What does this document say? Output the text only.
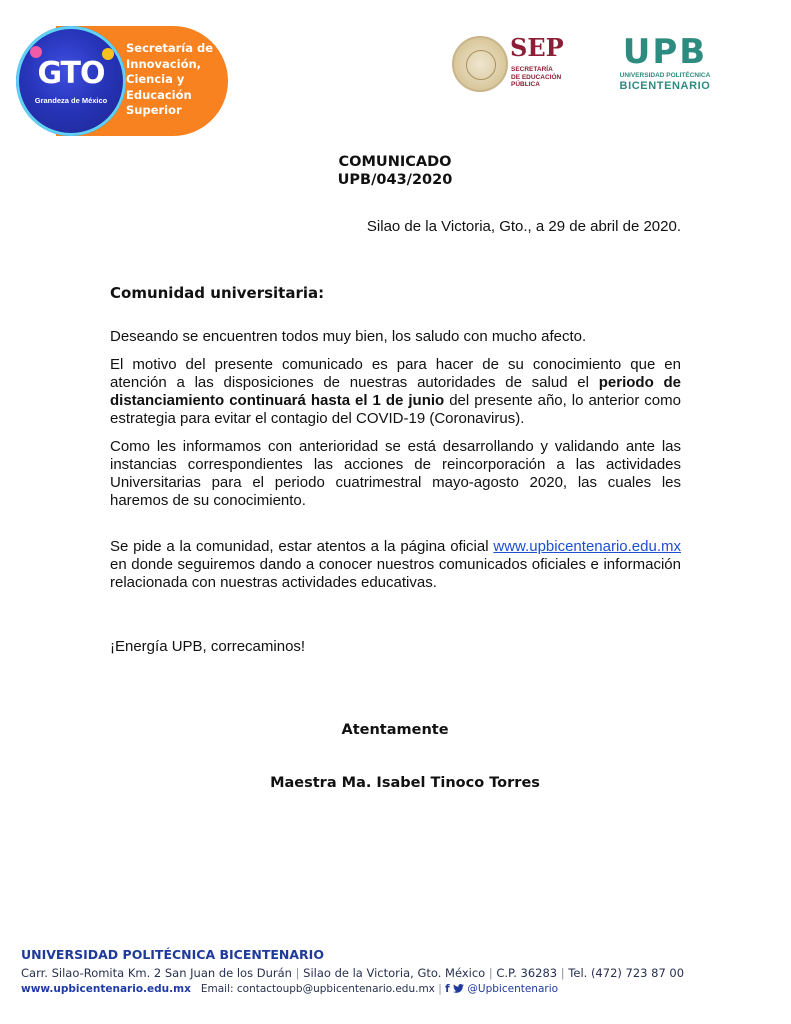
GTO
Grandeza de México
Secretaría de
Innovación,
Ciencia y
Educación
Superior
SEP
SECRETARÍA
DE EDUCACIÓN
PÚBLICA
UPB
UNIVERSIDAD POLITÉCNICA
BICENTENARIO
COMUNICADO
UPB/043/2020
Silao de la Victoria, Gto., a 29 de abril de 2020.
Comunidad universitaria:
Deseando se encuentren todos muy bien, los saludo con mucho afecto.
El motivo del presente comunicado es para hacer de su conocimiento que en atención a las disposiciones de nuestras autoridades de salud el periodo de distanciamiento continuará hasta el 1 de junio del presente año, lo anterior como estrategia para evitar el contagio del COVID-19 (Coronavirus).
Como les informamos con anterioridad se está desarrollando y validando ante las instancias correspondientes las acciones de reincorporación a las actividades Universitarias para el periodo cuatrimestral mayo-agosto 2020, las cuales les haremos de su conocimiento.
Se pide a la comunidad, estar atentos a la página oficial www.upbicentenario.edu.mx en donde seguiremos dando a conocer nuestros comunicados oficiales e información relacionada con nuestras actividades educativas.
¡Energía UPB, correcaminos!
Atentamente
Maestra Ma. Isabel Tinoco Torres
UNIVERSIDAD POLITÉCNICA BICENTENARIO
Carr. Silao-Romita Km. 2 San Juan de los Durán | Silao de la Victoria, Gto. México | C.P. 36283 | Tel. (472) 723 87 00
www.upbicentenario.edu.mx Email: contactoupb@upbicentenario.edu.mx | f @Upbicentenario
